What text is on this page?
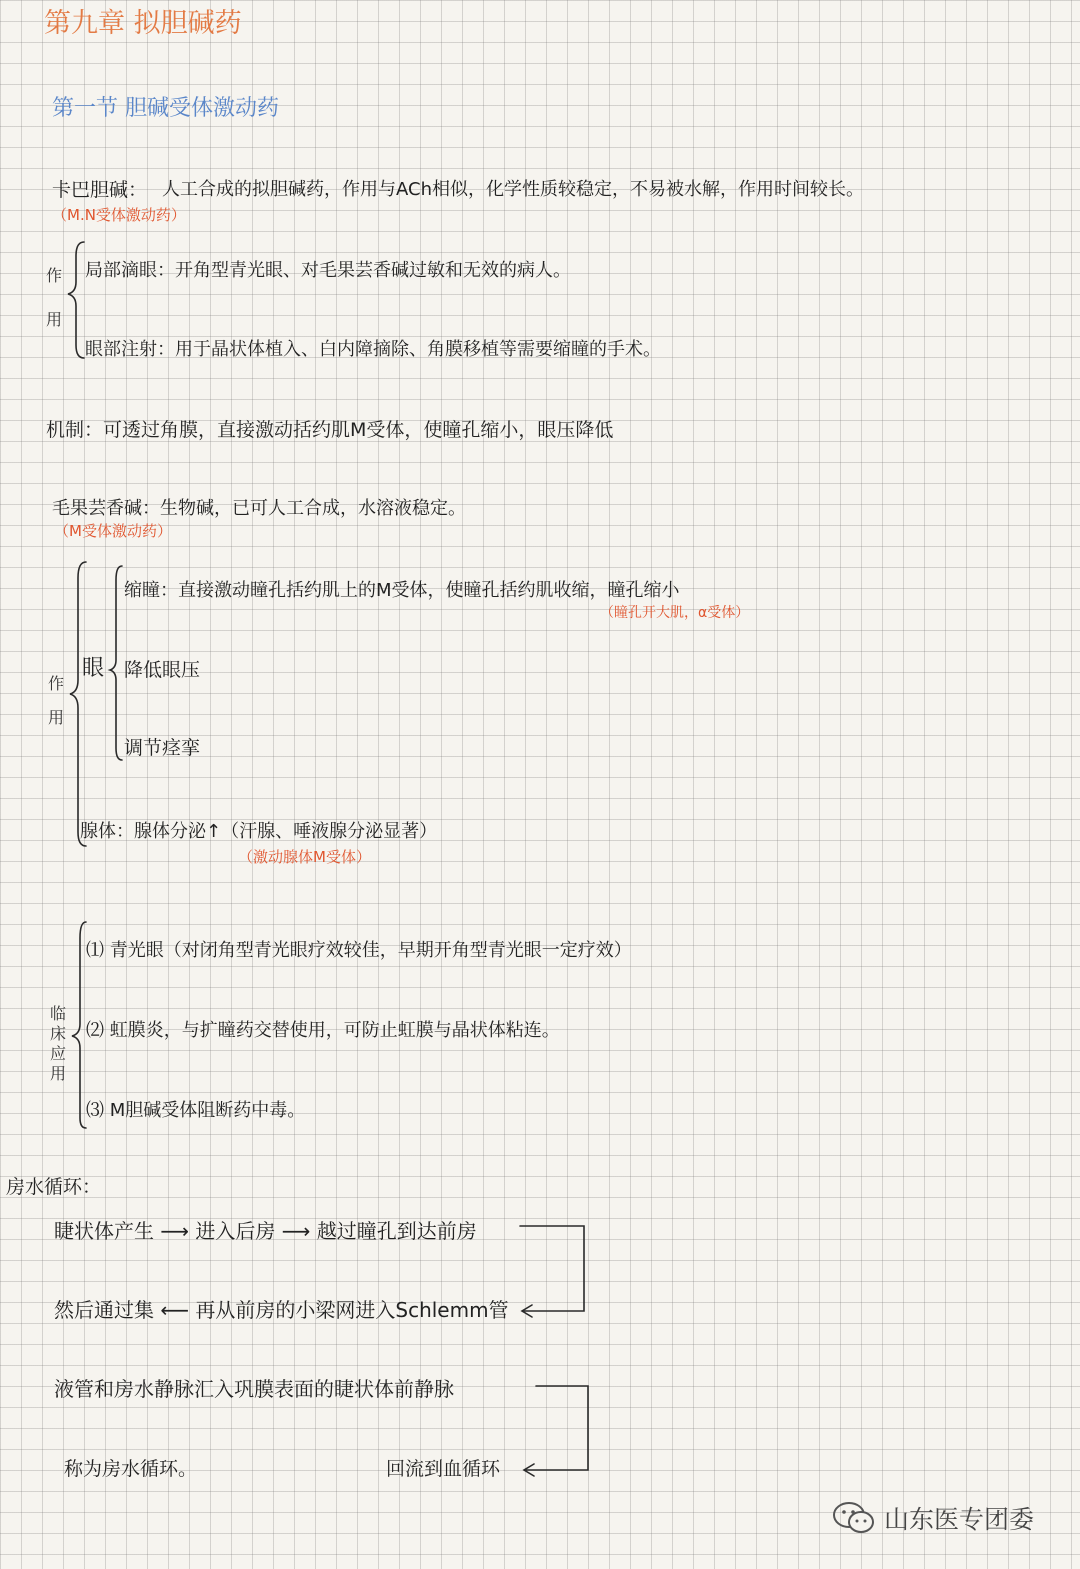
第九章 拟胆碱药
第一节 胆碱受体激动药
卡巴胆碱： 人工合成的拟胆碱药，作用与ACh相似，化学性质较稳定，不易被水解，作用时间较长。
（M.N受体激动药）
作
用
局部滴眼：开角型青光眼、对毛果芸香碱过敏和无效的病人。
眼部注射：用于晶状体植入、白内障摘除、角膜移植等需要缩瞳的手术。
机制：可透过角膜，直接激动括约肌M受体，使瞳孔缩小，眼压降低
毛果芸香碱：生物碱，已可人工合成，水溶液稳定。
（M受体激动药）
作
用
眼
缩瞳：直接激动瞳孔括约肌上的M受体，使瞳孔括约肌收缩，瞳孔缩小
（瞳孔开大肌，α受体）
降低眼压
调节痉挛
腺体：腺体分泌↑（汗腺、唾液腺分泌显著）
（激动腺体M受体）
临
床
应
用
⑴ 青光眼（对闭角型青光眼疗效较佳，早期开角型青光眼一定疗效）
⑵ 虹膜炎，与扩瞳药交替使用，可防止虹膜与晶状体粘连。
⑶ M胆碱受体阻断药中毒。
房水循环：
睫状体产生 ⟶ 进入后房 ⟶ 越过瞳孔到达前房
然后通过集 ⟵ 再从前房的小梁网进入Schlemm管
液管和房水静脉汇入巩膜表面的睫状体前静脉
称为房水循环。	回流到血循环
山东医专团委
